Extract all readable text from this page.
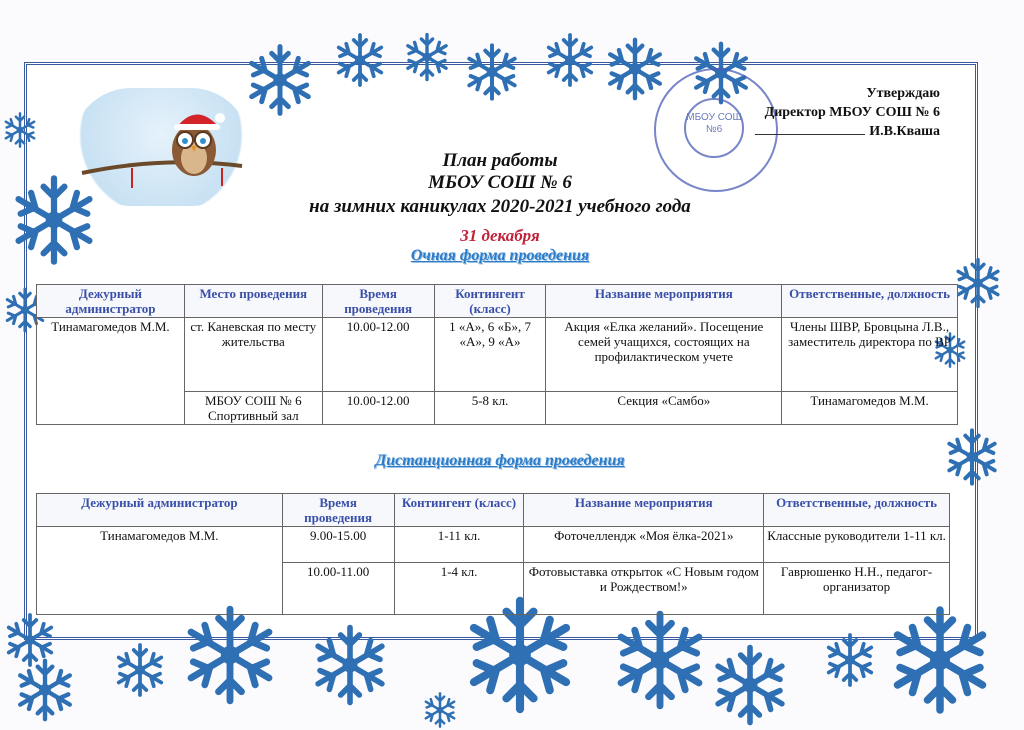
МБОУ СОШ №6
Утверждаю
Директор МБОУ СОШ № 6
И.В.Кваша
План работы
МБОУ СОШ № 6
на зимних каникулах 2020-2021 учебного года
31 декабря
Очная форма проведения
Дежурный администратор	Место проведения	Время проведения	Контингент (класс)	Название мероприятия	Ответственные, должность
Тинамагомедов М.М.	ст. Каневская по месту жительства	10.00-12.00	1 «А», 6 «Б», 7 «А», 9 «А»	Акция «Елка желаний». Посещение семей учащихся, состоящих на профилактическом учете	Члены ШВР, Бровцына Л.В., заместитель директора по ВР
	МБОУ СОШ № 6 Спортивный зал	10.00-12.00	5-8 кл.	Секция «Самбо»	Тинамагомедов М.М.
Дистанционная форма проведения
Дежурный администратор	Время проведения	Контингент (класс)	Название мероприятия	Ответственные, должность
Тинамагомедов М.М.	9.00-15.00	1-11 кл.	Фоточеллендж «Моя ёлка-2021»	Классные руководители 1-11 кл.
	10.00-11.00	1-4 кл.	Фотовыставка открыток «С Новым годом и Рождеством!»	Гаврюшенко Н.Н., педагог-организатор
